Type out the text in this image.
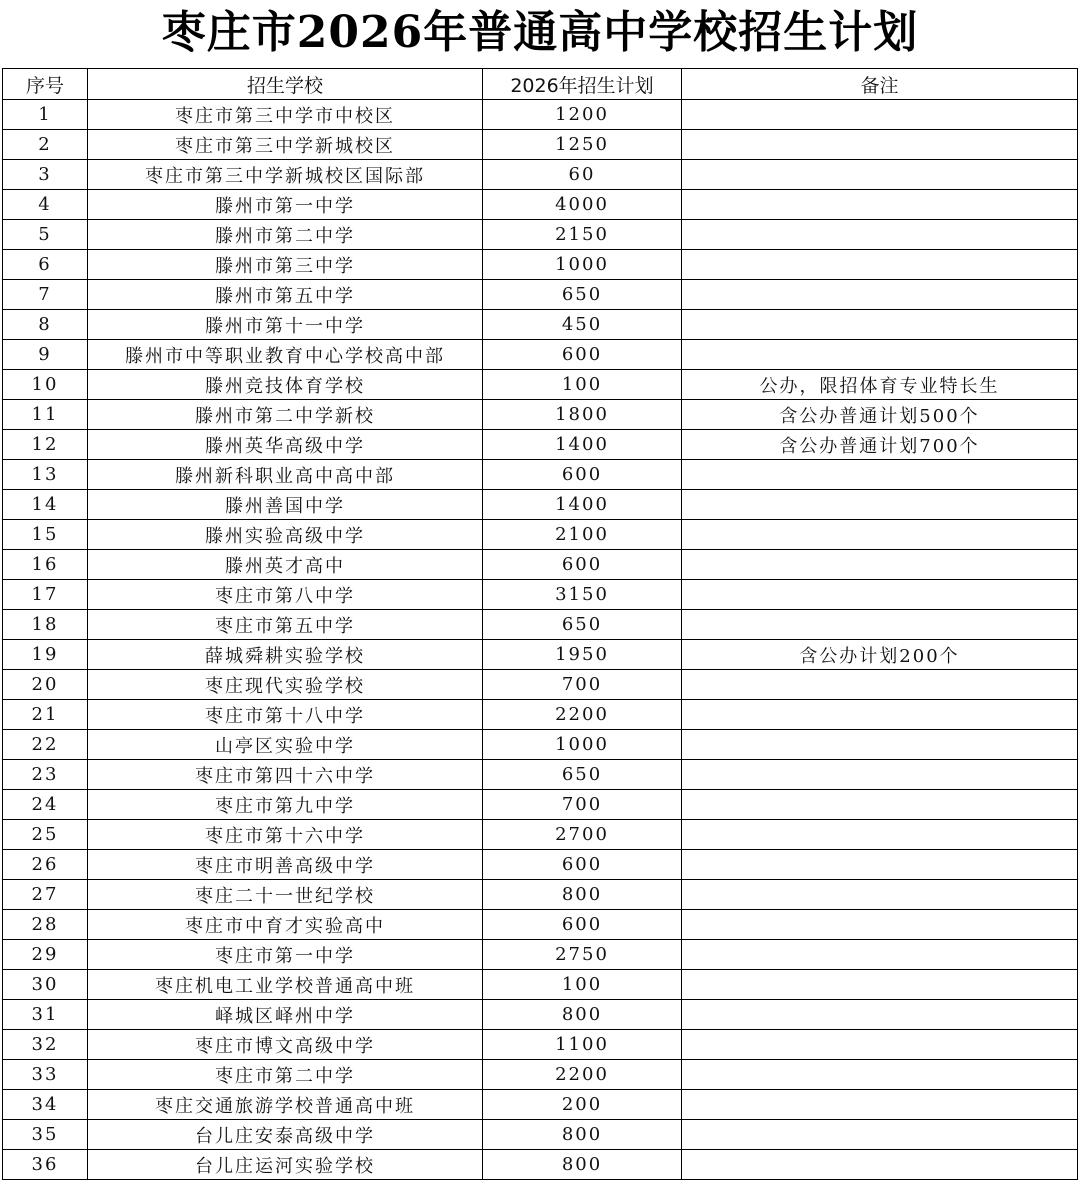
枣庄市2026年普通高中学校招生计划
序号	招生学校	2026年招生计划	备注
1	枣庄市第三中学市中校区	1200	
2	枣庄市第三中学新城校区	1250	
3	枣庄市第三中学新城校区国际部	60	
4	滕州市第一中学	4000	
5	滕州市第二中学	2150	
6	滕州市第三中学	1000	
7	滕州市第五中学	650	
8	滕州市第十一中学	450	
9	滕州市中等职业教育中心学校高中部	600	
10	滕州竞技体育学校	100	公办，限招体育专业特长生
11	滕州市第二中学新校	1800	含公办普通计划500个
12	滕州英华高级中学	1400	含公办普通计划700个
13	滕州新科职业高中高中部	600	
14	滕州善国中学	1400	
15	滕州实验高级中学	2100	
16	滕州英才高中	600	
17	枣庄市第八中学	3150	
18	枣庄市第五中学	650	
19	薛城舜耕实验学校	1950	含公办计划200个
20	枣庄现代实验学校	700	
21	枣庄市第十八中学	2200	
22	山亭区实验中学	1000	
23	枣庄市第四十六中学	650	
24	枣庄市第九中学	700	
25	枣庄市第十六中学	2700	
26	枣庄市明善高级中学	600	
27	枣庄二十一世纪学校	800	
28	枣庄市中育才实验高中	600	
29	枣庄市第一中学	2750	
30	枣庄机电工业学校普通高中班	100	
31	峄城区峄州中学	800	
32	枣庄市博文高级中学	1100	
33	枣庄市第二中学	2200	
34	枣庄交通旅游学校普通高中班	200	
35	台儿庄安泰高级中学	800	
36	台儿庄运河实验学校	800	
